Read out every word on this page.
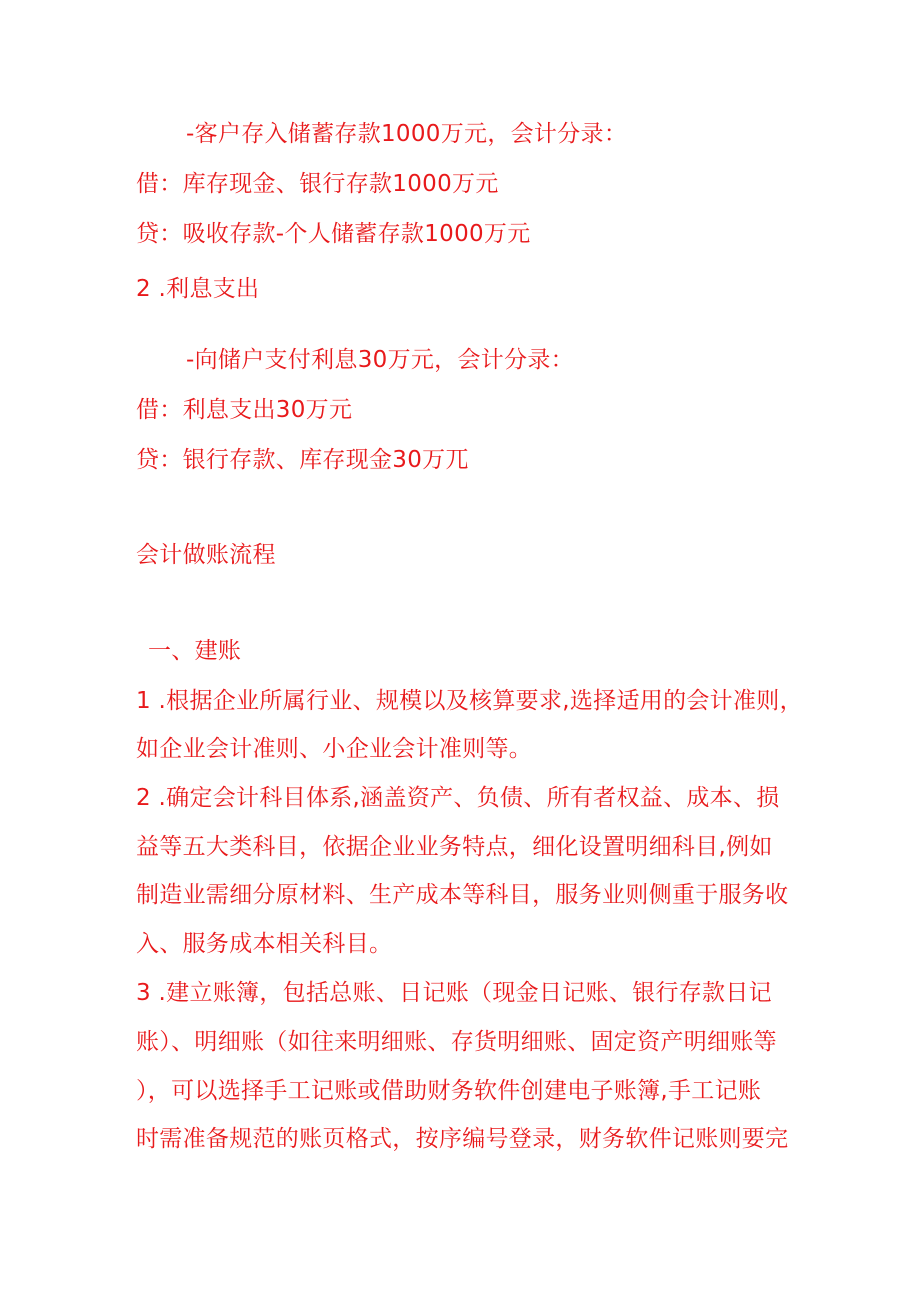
-客户存入储蓄存款1000万元，会计分录：

借：库存现金、银行存款1000万元

贷：吸收存款-个人储蓄存款1000万元

2 .利息支出

-向储户支付利息30万元，会计分录：

借：利息支出30万元

贷：银行存款、库存现金30万兀

会计做账流程

一、建账

1 .根据企业所属行业、规模以及核算要求,选择适用的会计准则，

如企业会计准则、小企业会计准则等。

2 .确定会计科目体系,涵盖资产、负债、所有者权益、成本、损

益等五大类科目，依据企业业务特点，细化设置明细科目,例如

制造业需细分原材料、生产成本等科目，服务业则侧重于服务收

入、服务成本相关科目。

3 .建立账簿，包括总账、日记账（现金日记账、银行存款日记

账）、明细账（如往来明细账、存货明细账、固定资产明细账等

），可以选择手工记账或借助财务软件创建电子账簿,手工记账

时需准备规范的账页格式，按序编号登录，财务软件记账则要完
